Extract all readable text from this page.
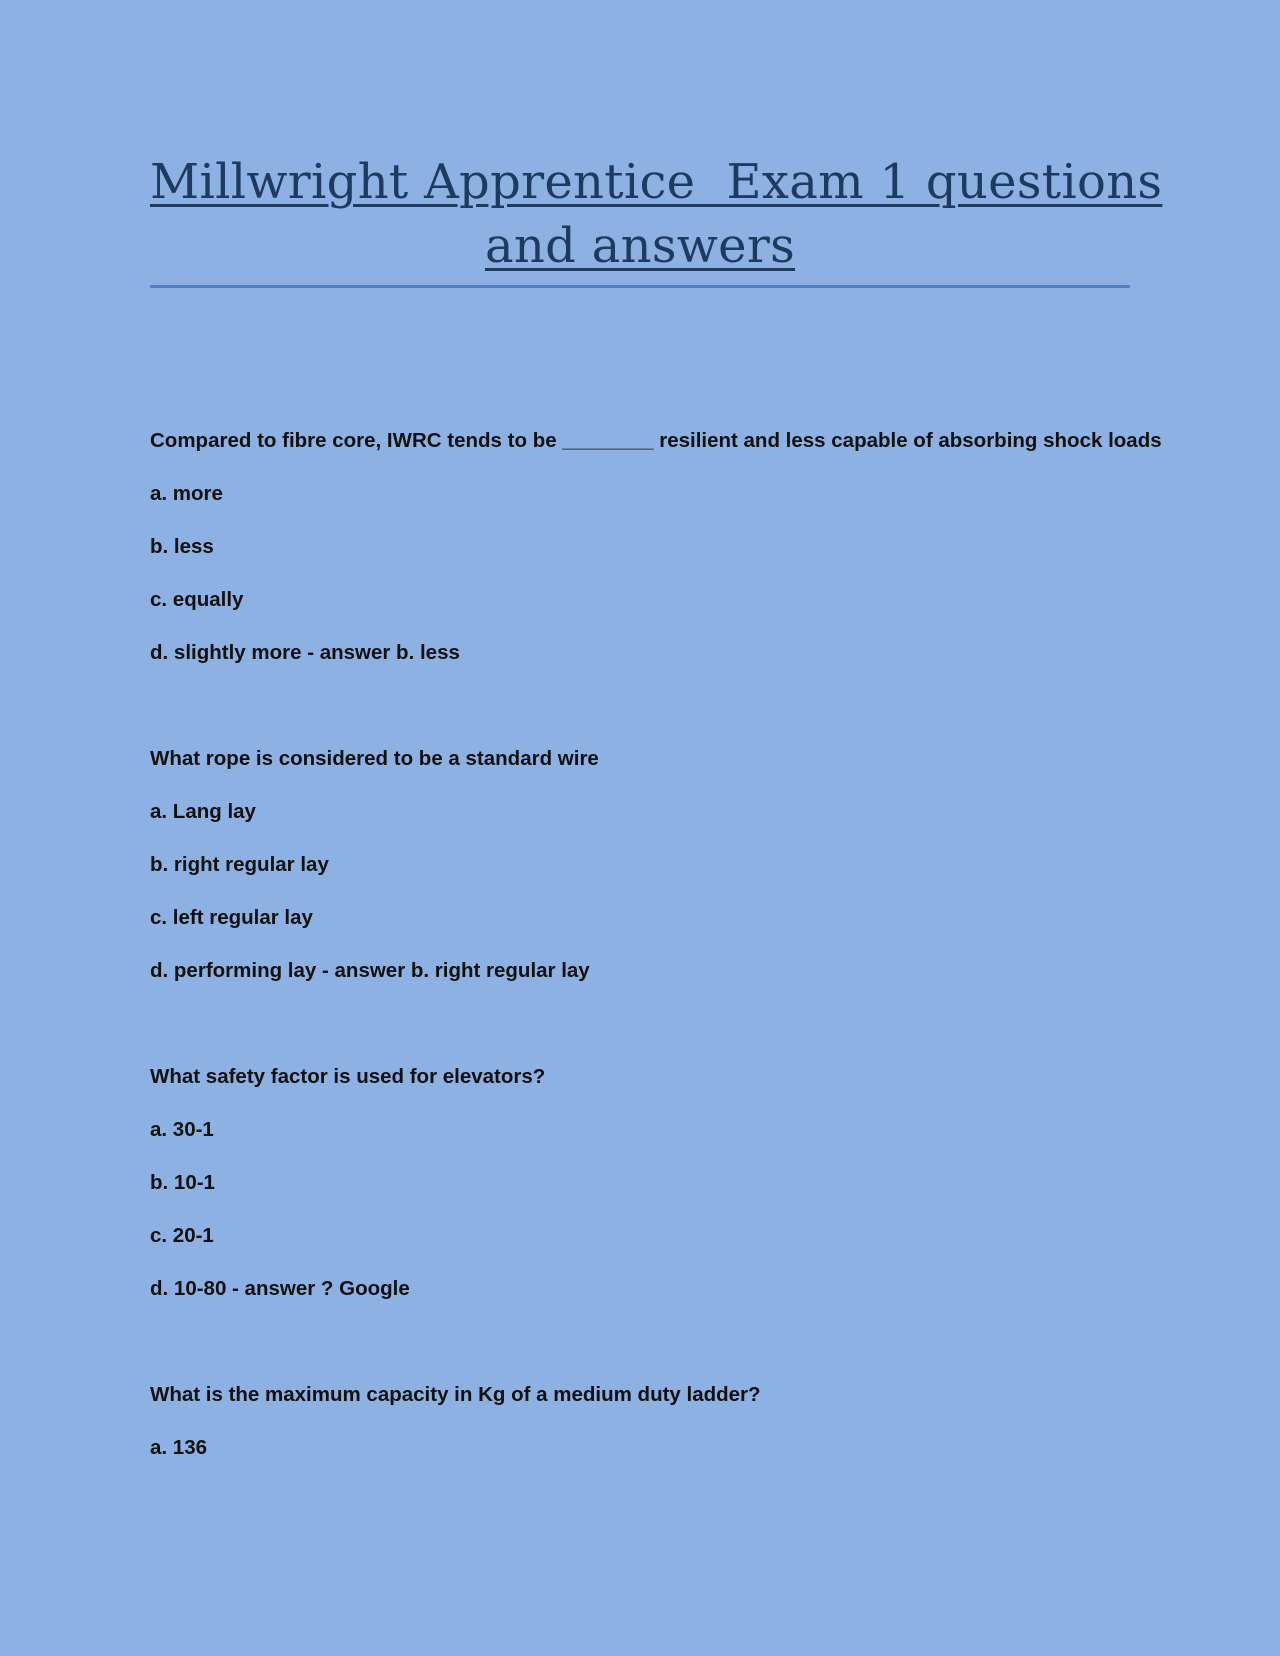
Millwright Apprentice  Exam 1 questions
and answers
Compared to fibre core, IWRC tends to be ________ resilient and less capable of absorbing shock loads
a. more
b. less
c. equally
d. slightly more - answer b. less
What rope is considered to be a standard wire
a. Lang lay
b. right regular lay
c. left regular lay
d. performing lay - answer b. right regular lay
What safety factor is used for elevators?
a. 30-1
b. 10-1
c. 20-1
d. 10-80 - answer ? Google
What is the maximum capacity in Kg of a medium duty ladder?
a. 136
